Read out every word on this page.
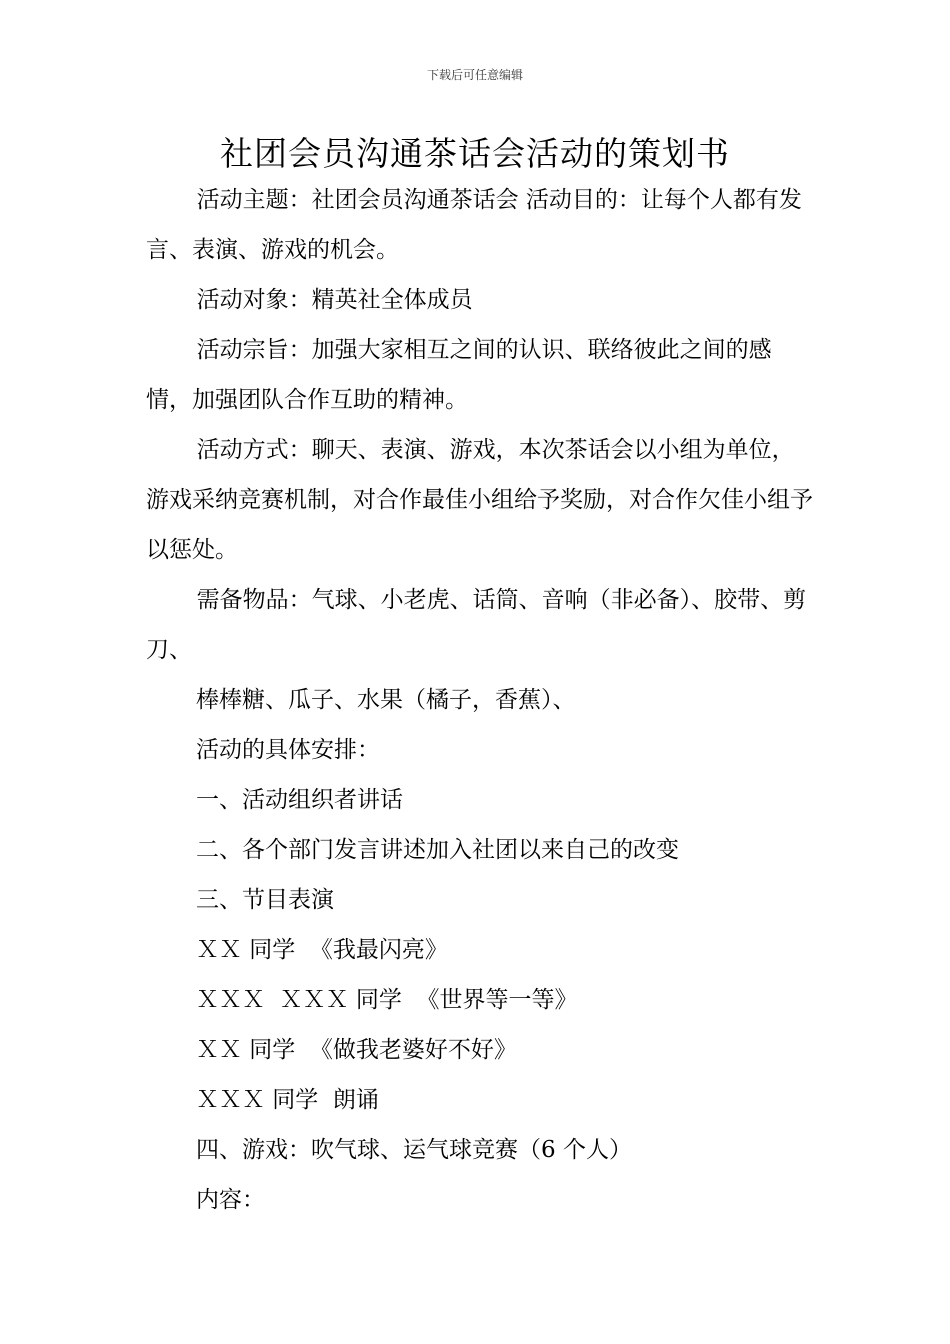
下载后可任意编辑
社团会员沟通茶话会活动的策划书

活动主题：社团会员沟通茶话会 活动目的：让每个人都有发言、表演、游戏的机会。

活动对象：精英社全体成员

活动宗旨：加强大家相互之间的认识、联络彼此之间的感情，加强团队合作互助的精神。

活动方式：聊天、表演、游戏，本次茶话会以小组为单位，游戏采纳竞赛机制，对合作最佳小组给予奖励，对合作欠佳小组予以惩处。

需备物品：气球、小老虎、话筒、音响（非必备）、胶带、剪刀、

棒棒糖、瓜子、水果（橘子，香蕉）、

活动的具体安排：

一、活动组织者讲话

二、各个部门发言讲述加入社团以来自己的改变

三、节目表演

ＸＸ 同学  《我最闪亮》

ＸＸＸ  ＸＸＸ 同学  《世界等一等》

ＸＸ 同学  《做我老婆好不好》

ＸＸＸ 同学  朗诵

四、游戏：吹气球、运气球竞赛（6 个人）

内容：
